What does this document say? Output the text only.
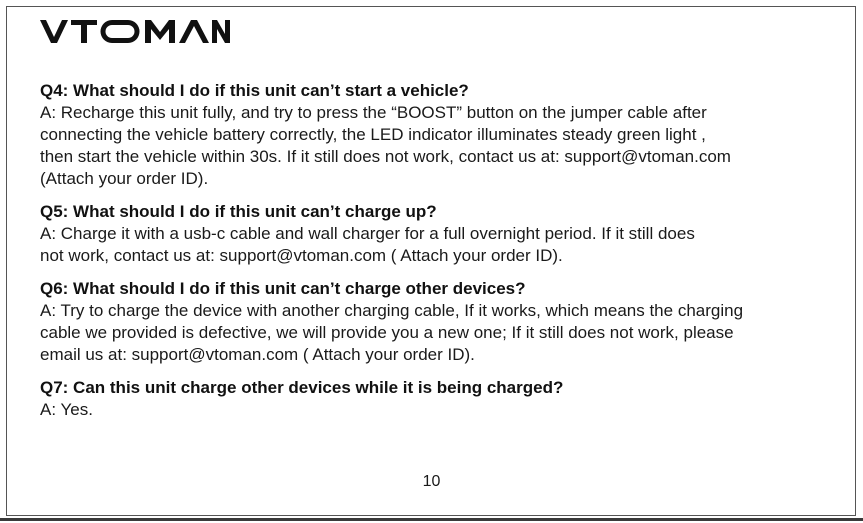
Q4: What should I do if this unit can’t start a vehicle?

A: Recharge this unit fully, and try to press the “BOOST” button on the jumper cable after
connecting the vehicle battery correctly, the LED indicator illuminates steady green light ,
then start the vehicle within 30s. If it still does not work, contact us at: support@vtoman.com
(Attach your order ID).

Q5: What should I do if this unit can’t charge up?

A: Charge it with a usb-c cable and wall charger for a full overnight period. If it still does
not work, contact us at: support@vtoman.com ( Attach your order ID).

Q6: What should I do if this unit can’t charge other devices?

A: Try to charge the device with another charging cable, If it works, which means the charging
cable we provided is defective, we will provide you a new one; If it still does not work, please
email us at: support@vtoman.com ( Attach your order ID).

Q7: Can this unit charge other devices while it is being charged?

A: Yes.

10
